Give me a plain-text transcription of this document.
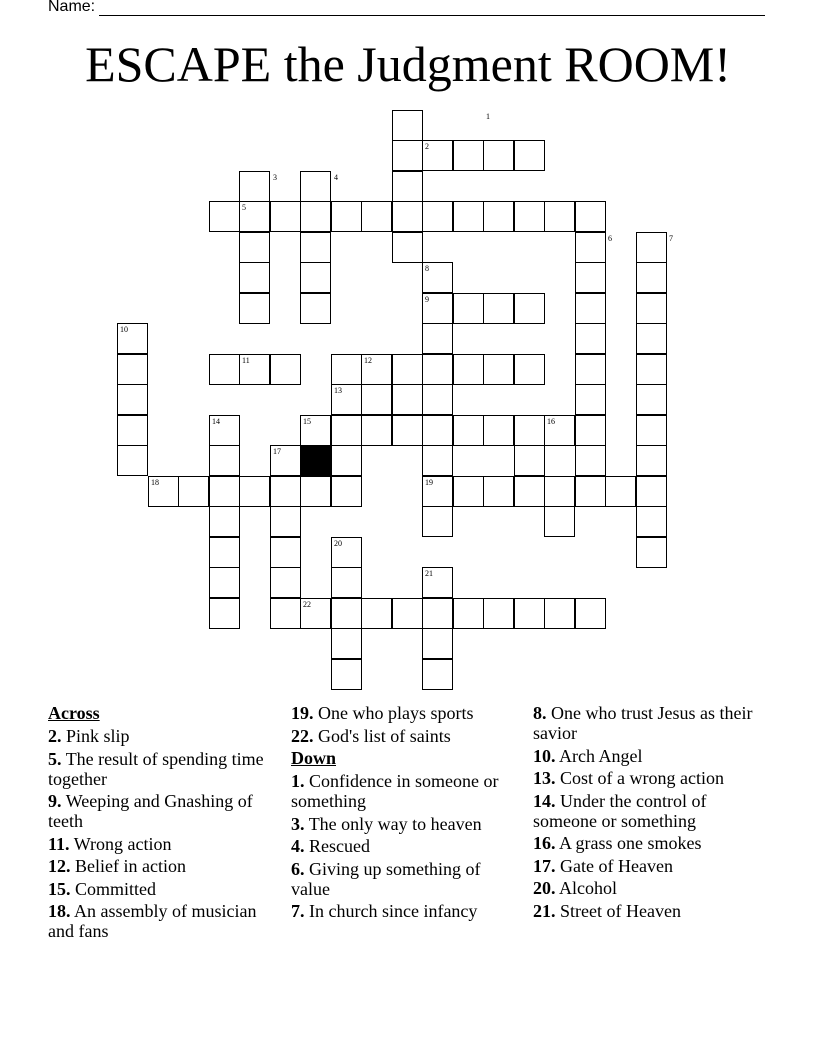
Name:
ESCAPE the Judgment ROOM!
1
2
3	4
5
6	7
8
9
10
11	12
13
14	15	16
17
18	19
20
21
22
Across
2. Pink slip
5. The result of spending time together
9. Weeping and Gnashing of teeth
11. Wrong action
12. Belief in action
15. Committed
18. An assembly of musician and fans
19. One who plays sports
22. God's list of saints
Down
1. Confidence in someone or something
3. The only way to heaven
4. Rescued
6. Giving up something of value
7. In church since infancy
8. One who trust Jesus as their savior
10. Arch Angel
13. Cost of a wrong action
14. Under the control of someone or something
16. A grass one smokes
17. Gate of Heaven
20. Alcohol
21. Street of Heaven
